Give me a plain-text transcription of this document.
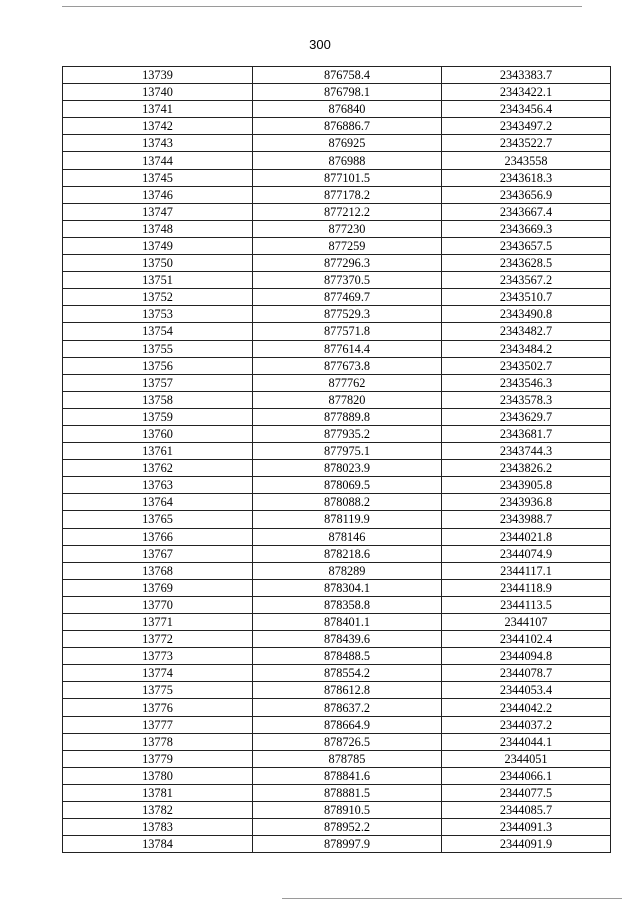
300
13739	876758.4	2343383.7
13740	876798.1	2343422.1
13741	876840	2343456.4
13742	876886.7	2343497.2
13743	876925	2343522.7
13744	876988	2343558
13745	877101.5	2343618.3
13746	877178.2	2343656.9
13747	877212.2	2343667.4
13748	877230	2343669.3
13749	877259	2343657.5
13750	877296.3	2343628.5
13751	877370.5	2343567.2
13752	877469.7	2343510.7
13753	877529.3	2343490.8
13754	877571.8	2343482.7
13755	877614.4	2343484.2
13756	877673.8	2343502.7
13757	877762	2343546.3
13758	877820	2343578.3
13759	877889.8	2343629.7
13760	877935.2	2343681.7
13761	877975.1	2343744.3
13762	878023.9	2343826.2
13763	878069.5	2343905.8
13764	878088.2	2343936.8
13765	878119.9	2343988.7
13766	878146	2344021.8
13767	878218.6	2344074.9
13768	878289	2344117.1
13769	878304.1	2344118.9
13770	878358.8	2344113.5
13771	878401.1	2344107
13772	878439.6	2344102.4
13773	878488.5	2344094.8
13774	878554.2	2344078.7
13775	878612.8	2344053.4
13776	878637.2	2344042.2
13777	878664.9	2344037.2
13778	878726.5	2344044.1
13779	878785	2344051
13780	878841.6	2344066.1
13781	878881.5	2344077.5
13782	878910.5	2344085.7
13783	878952.2	2344091.3
13784	878997.9	2344091.9
